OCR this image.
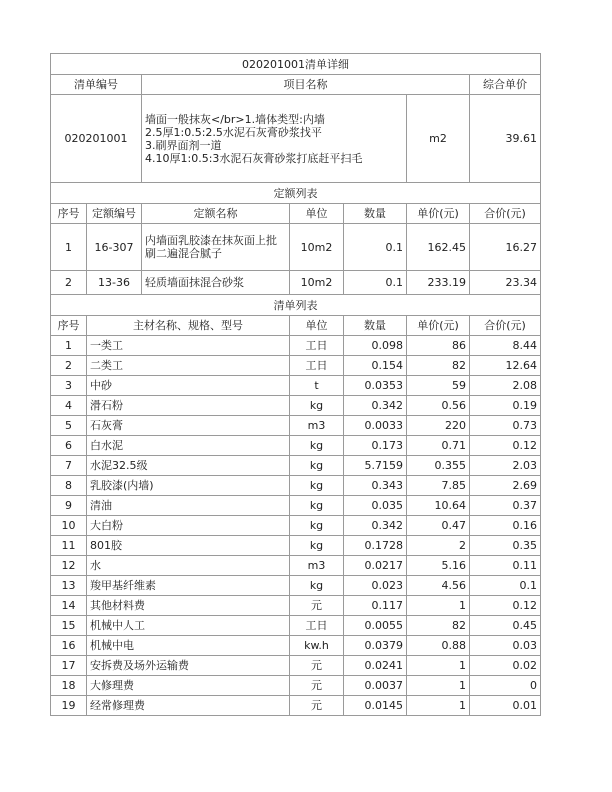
020201001清单详细						
清单编号		项目名称				综合单价
020201001		墙面一般抹灰</br>1.墙体类型:内墙
2.5厚1:0.5:2.5水泥石灰膏砂浆找平
3.刷界面剂一道
4.10厚1:0.5:3水泥石灰膏砂浆打底赶平扫毛			m2	39.61
定额列表						
序号	定额编号	定额名称	单位	数量	单价(元)	合价(元)
1	16-307	内墙面乳胶漆在抹灰面上批刷二遍混合腻子	10m2	0.1	162.45	16.27
2	13-36	轻质墙面抹混合砂浆	10m2	0.1	233.19	23.34
清单列表						
序号	主材名称、规格、型号		单位	数量	单价(元)	合价(元)
1	一类工		工日	0.098	86	8.44
2	二类工		工日	0.154	82	12.64
3	中砂		t	0.0353	59	2.08
4	滑石粉		kg	0.342	0.56	0.19
5	石灰膏		m3	0.0033	220	0.73
6	白水泥		kg	0.173	0.71	0.12
7	水泥32.5级		kg	5.7159	0.355	2.03
8	乳胶漆(内墙)		kg	0.343	7.85	2.69
9	清油		kg	0.035	10.64	0.37
10	大白粉		kg	0.342	0.47	0.16
11	801胶		kg	0.1728	2	0.35
12	水		m3	0.0217	5.16	0.11
13	羧甲基纤维素		kg	0.023	4.56	0.1
14	其他材料费		元	0.117	1	0.12
15	机械中人工		工日	0.0055	82	0.45
16	机械中电		kw.h	0.0379	0.88	0.03
17	安拆费及场外运输费		元	0.0241	1	0.02
18	大修理费		元	0.0037	1	0
19	经常修理费		元	0.0145	1	0.01
